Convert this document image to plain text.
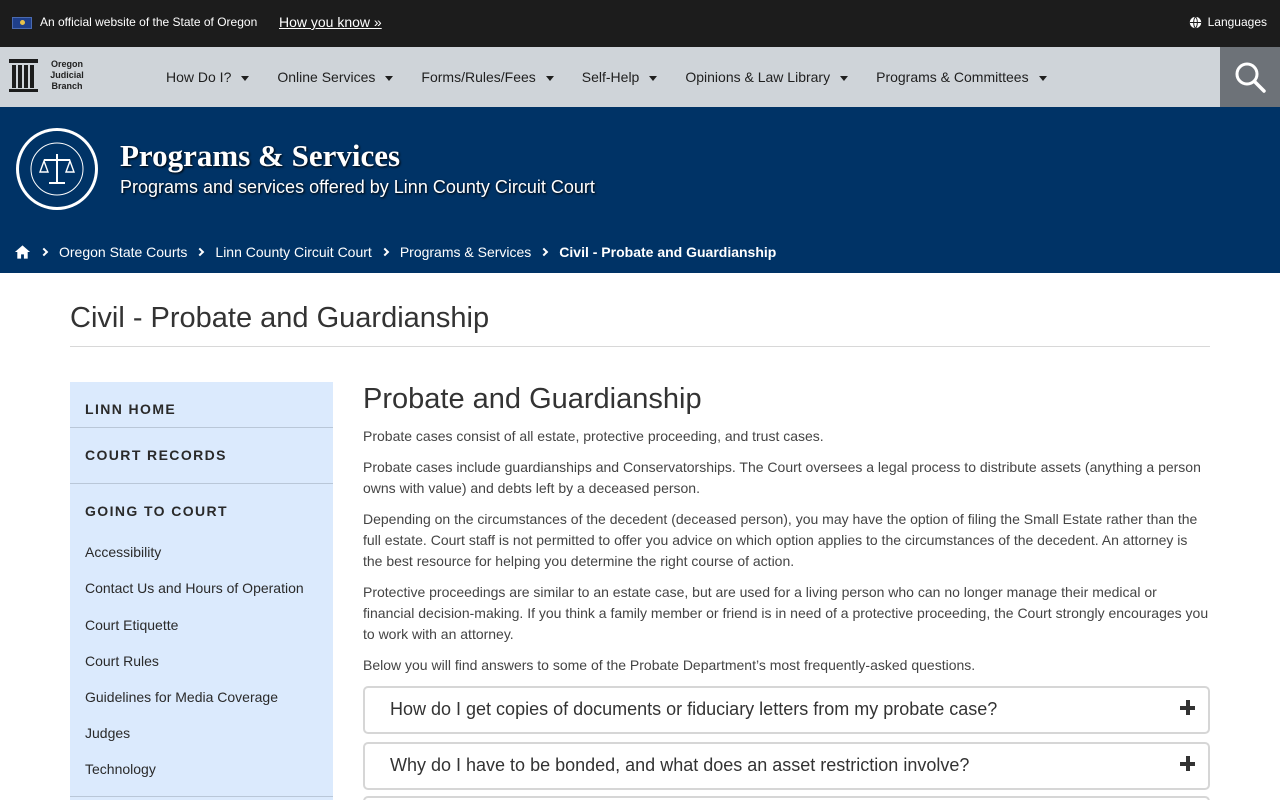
An official website of the State of Oregon How you know »	Languages
Oregon
Judicial
Branch
How Do I?	Online Services	Forms/Rules/Fees	Self-Help	Opinions & Law Library	Programs & Committees
Programs & Services
Programs and services offered by Linn County Circuit Court
Oregon State Courts Linn County Circuit Court Programs & Services Civil - Probate and Guardianship
Civil - Probate and Guardianship
LINN HOME
COURT RECORDS
GOING TO COURT
Accessibility
Contact Us and Hours of Operation
Court Etiquette
Court Rules
Guidelines for Media Coverage
Judges
Technology
Probate and Guardianship

Probate cases consist of all estate, protective proceeding, and trust cases.

Probate cases include guardianships and Conservatorships. The Court oversees a legal process to distribute assets (anything a person owns with value) and debts left by a deceased person.

Depending on the circumstances of the decedent (deceased person), you may have the option of filing the Small Estate rather than the full estate. Court staff is not permitted to offer you advice on which option applies to the circumstances of the decedent. An attorney is the best resource for helping you determine the right course of action.

Protective proceedings are similar to an estate case, but are used for a living person who can no longer manage their medical or financial decision-making. If you think a family member or friend is in need of a protective proceeding, the Court strongly encourages you to work with an attorney.

Below you will find answers to some of the Probate Department’s most frequently-asked questions.

How do I get copies of documents or fiduciary letters from my probate case?
Why do I have to be bonded, and what does an asset restriction involve?
